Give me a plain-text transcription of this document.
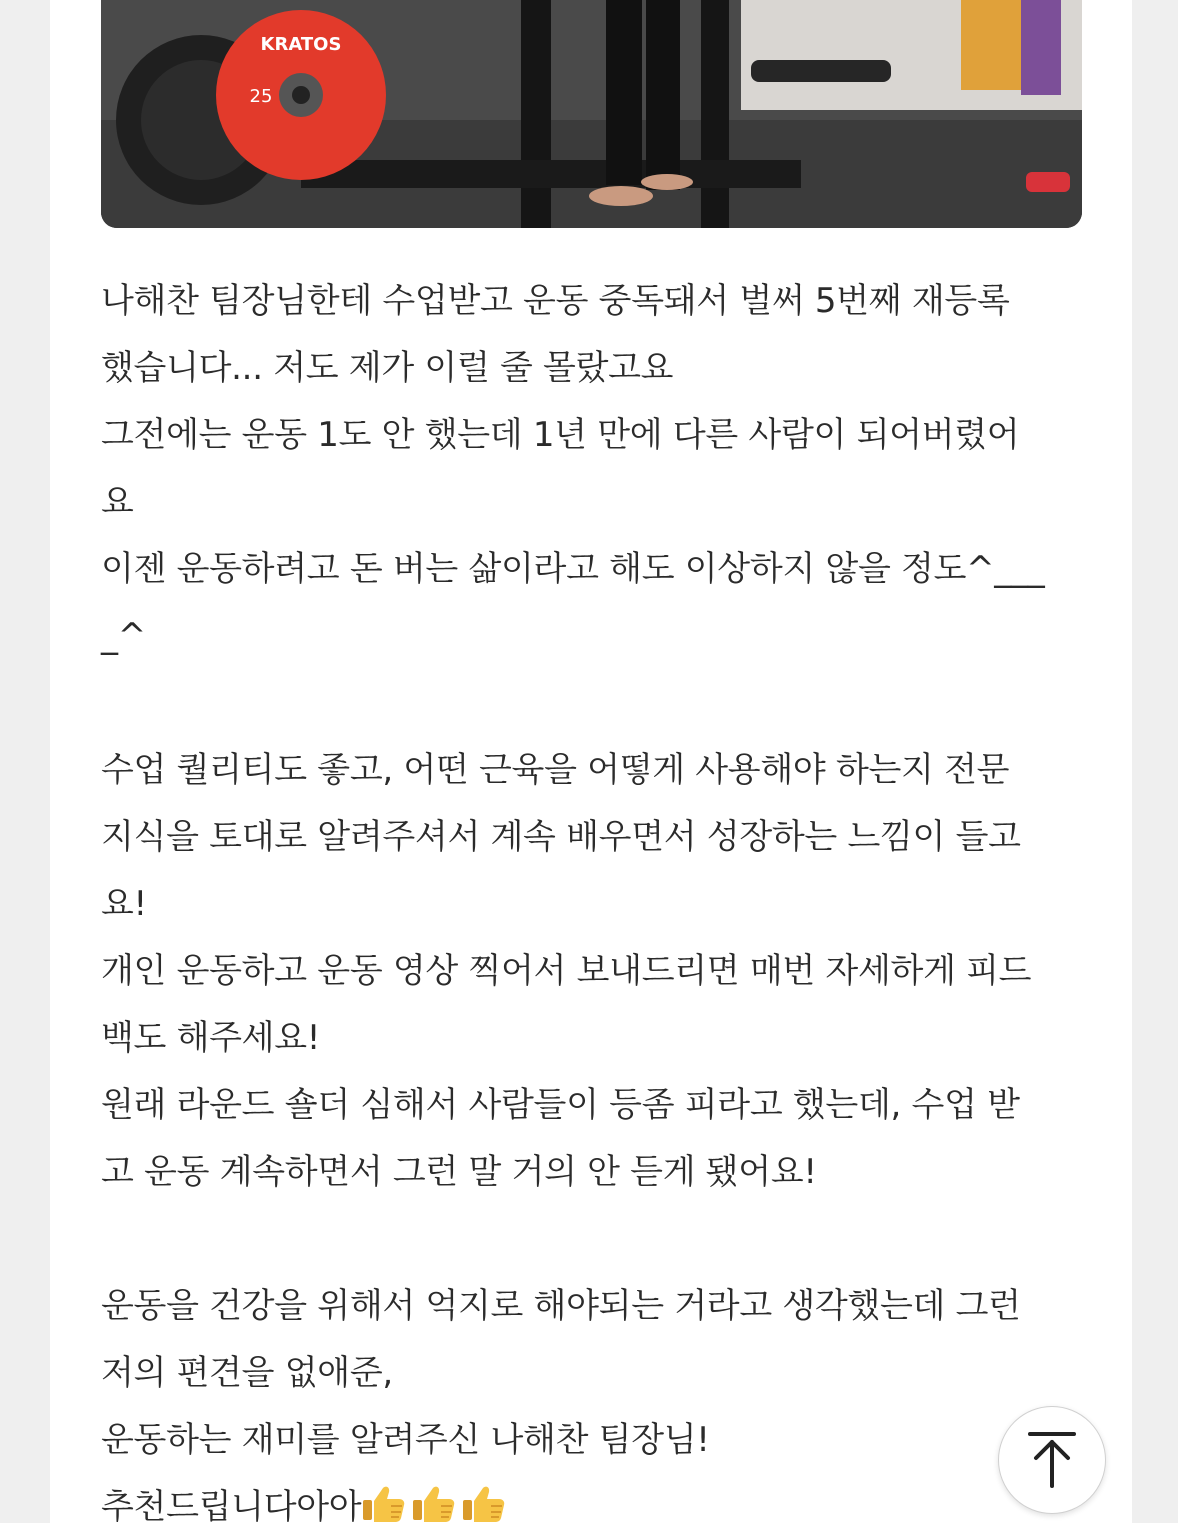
KRATOS
25

나해찬 팀장님한테 수업받고 운동 중독돼서 벌써 5번째 재등록

했습니다... 저도 제가 이럴 줄 몰랐고요

그전에는 운동 1도 안 했는데 1년 만에 다른 사람이 되어버렸어

요

이젠 운동하려고 돈 버는 삶이라고 해도 이상하지 않을 정도^___

_^

수업 퀄리티도 좋고, 어떤 근육을 어떻게 사용해야 하는지 전문

지식을 토대로 알려주셔서 계속 배우면서 성장하는 느낌이 들고

요!

개인 운동하고 운동 영상 찍어서 보내드리면 매번 자세하게 피드

백도 해주세요!

원래 라운드 숄더 심해서 사람들이 등좀 피라고 했는데, 수업 받

고 운동 계속하면서 그런 말 거의 안 듣게 됐어요!

운동을 건강을 위해서 억지로 해야되는 거라고 생각했는데 그런

저의 편견을 없애준,

운동하는 재미를 알려주신 나해찬 팀장님!

추천드립니다아아
